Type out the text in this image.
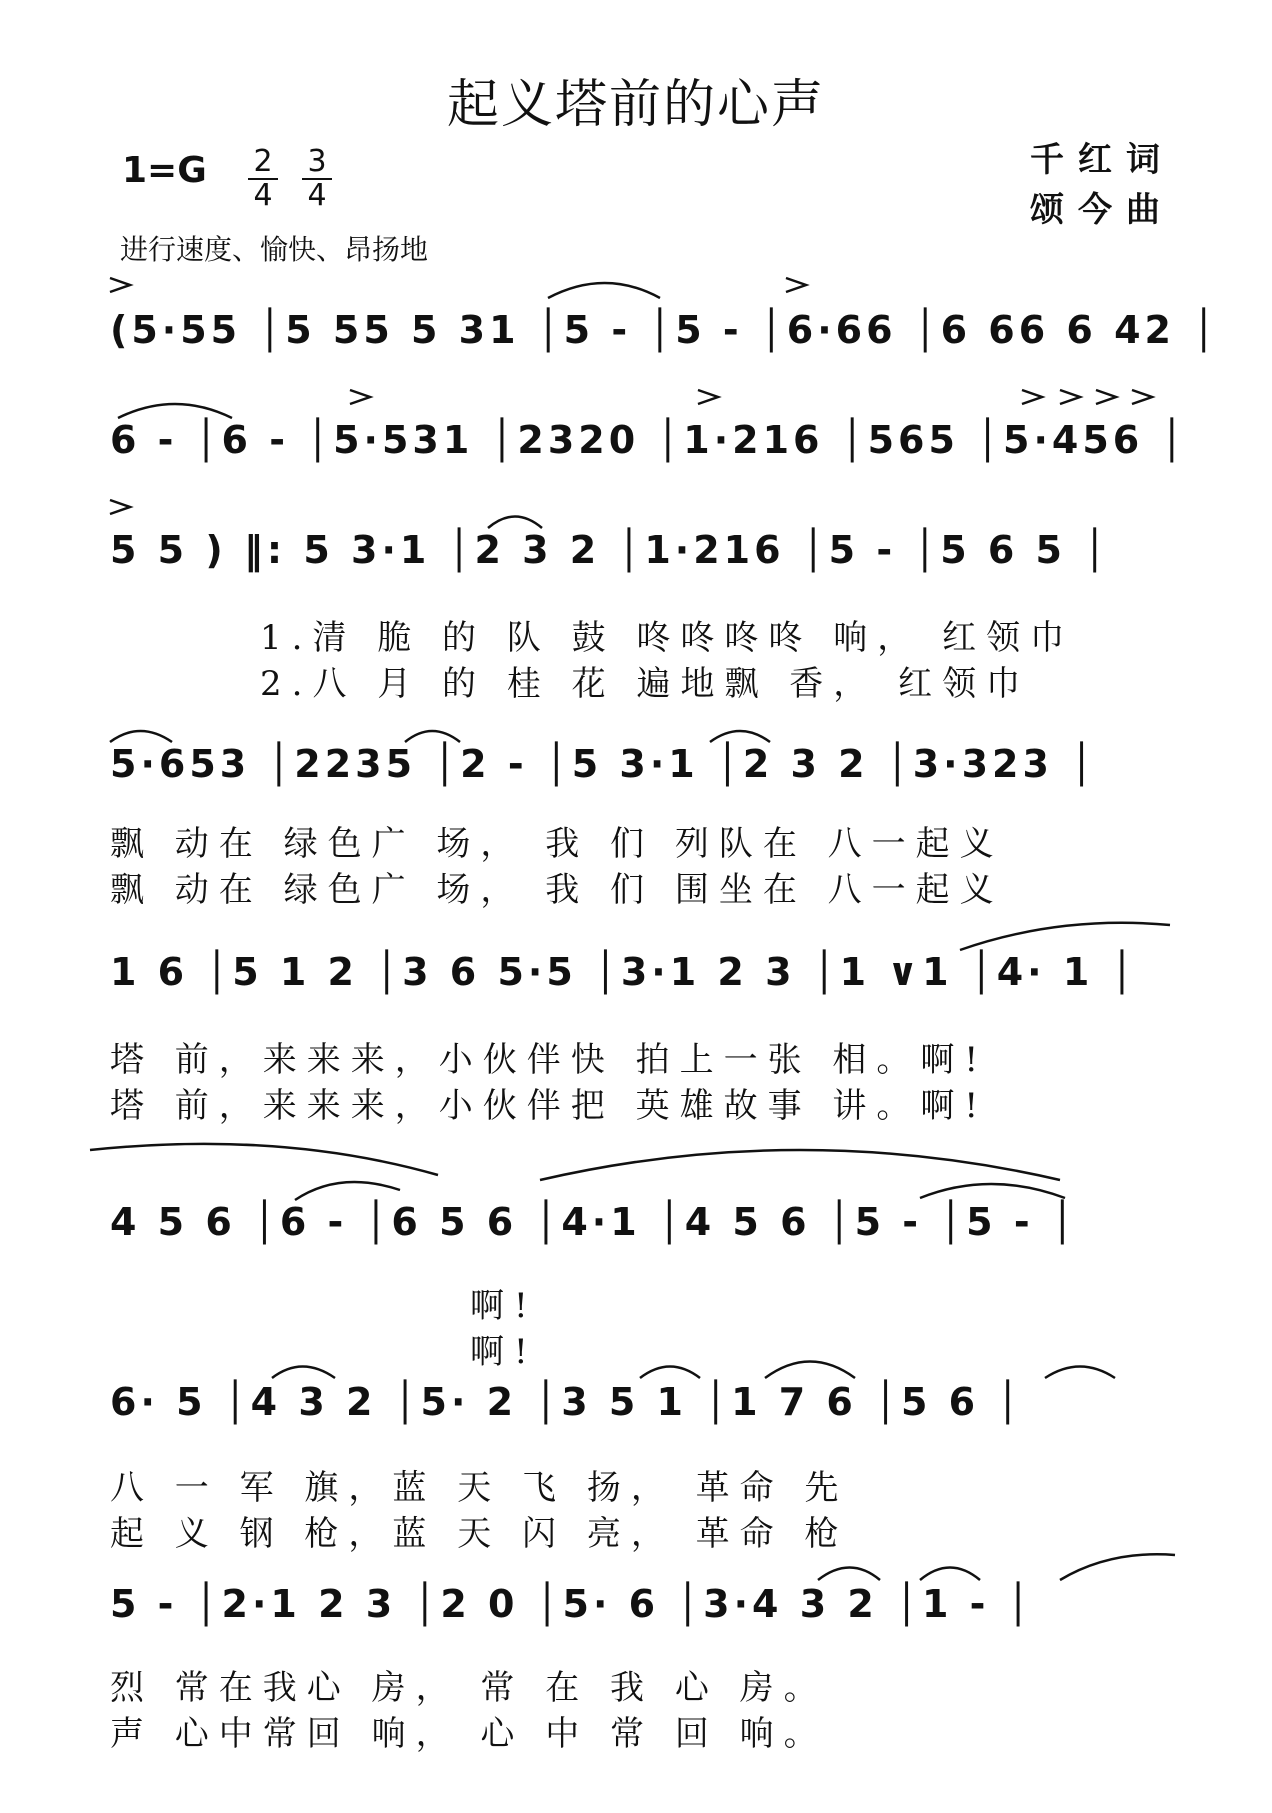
起义塔前的心声
1=G 2
4
3
4
千红词
颂今曲
进行速度、愉快、昂扬地
(5·55 │5 55 5 31 │5 - │5 - │6·66 │6 66 6 42 │
6 - │6 - │5·531 │2320 │1·216 │565 │5·456 │
5 5 ) ‖: 5 3·1 │2 3 2 │1·216 │5 - │5 6 5 │
1.清 脆 的 队 鼓 咚咚咚咚 响， 红领巾
2.八 月 的 桂 花 遍地飘 香， 红领巾
5·653 │2235 │2 - │5 3·1 │2 3 2 │3·323 │
飘 动在 绿色广 场， 我 们 列队在 八一起义
飘 动在 绿色广 场， 我 们 围坐在 八一起义
1 6 │5 1 2 │3 6 5·5 │3·1 2 3 │1 ∨1 │4· 1 │
塔 前，来来来，小伙伴快 拍上一张 相。啊!
塔 前，来来来，小伙伴把 英雄故事 讲。啊!
4 5 6 │6 - │6 5 6 │4·1 │4 5 6 │5 - │5 - │
啊!
啊!
6· 5 │4 3 2 │5· 2 │3 5 1 │1 7 6 │5 6 │
八 一 军 旗，蓝 天 飞 扬， 革命 先
起 义 钢 枪，蓝 天 闪 亮， 革命 枪
5 - │2·1 2 3 │2 0 │5· 6 │3·4 3 2 │1 - │
烈 常在我心 房， 常 在 我 心 房。
声 心中常回 响， 心 中 常 回 响。
